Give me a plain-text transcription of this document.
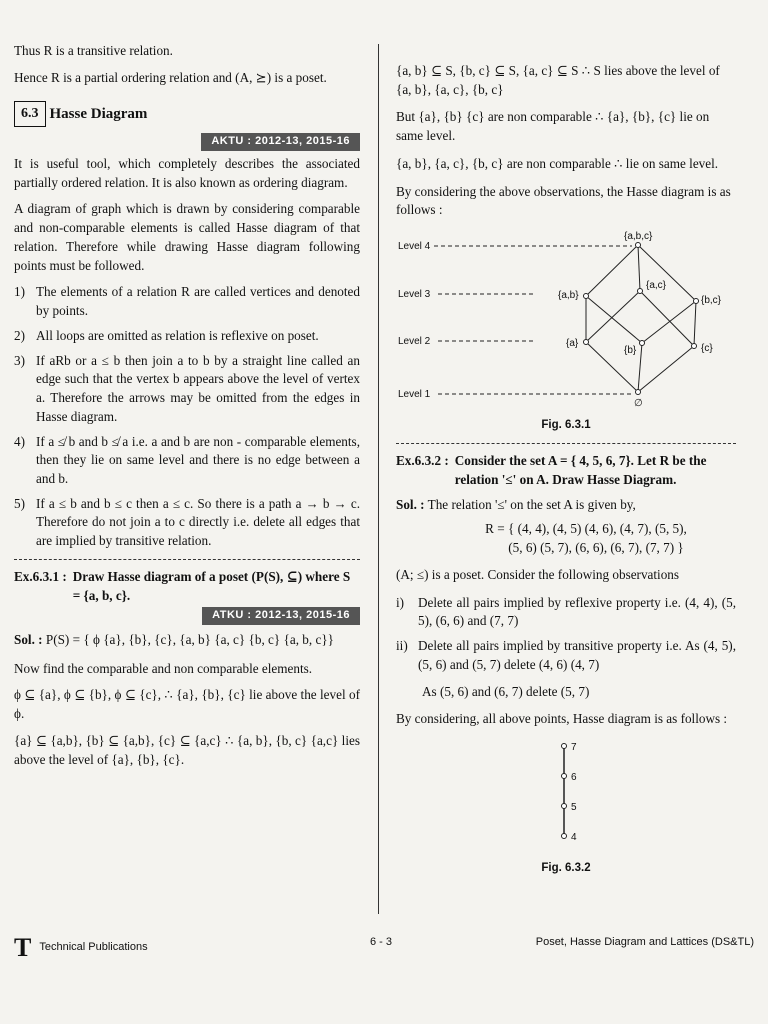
Thus R is a transitive relation.

Hence R is a partial ordering relation and (A, ⪰) is a poset.

6.3 Hasse Diagram
AKTU : 2012-13, 2015-16

It is useful tool, which completely describes the associated partially ordered relation. It is also known as ordering diagram.

A diagram of graph which is drawn by considering comparable and non-comparable elements is called Hasse diagram of that relation. Therefore while drawing Hasse diagram following points must be followed.

1) The elements of a relation R are called vertices and denoted by points.
2) All loops are omitted as relation is reflexive on poset.
3) If aRb or a ≤ b then join a to b by a straight line called an edge such that the vertex b appears above the level of vertex a. Therefore the arrows may be omitted from the edges in Hasse diagram.
4) If a ≰ b and b ≰ a i.e. a and b are non - comparable elements, then they lie on same level and there is no edge between a and b.
5) If a ≤ b and b ≤ c then a ≤ c. So there is a path a → b → c. Therefore do not join a to c directly i.e. delete all edges that are implied by transitive relation.
Ex.6.3.1 : Draw Hasse diagram of a poset (P(S), ⊆) where S = {a, b, c}.
ATKU : 2012-13, 2015-16

Sol. : P(S) = { ϕ {a}, {b}, {c}, {a, b} {a, c} {b, c} {a, b, c}}

Now find the comparable and non comparable elements.

ϕ ⊆ {a}, ϕ ⊆ {b}, ϕ ⊆ {c}, ∴ {a}, {b}, {c} lie above the level of ϕ.

{a} ⊆ {a,b}, {b} ⊆ {a,b}, {c} ⊆ {a,c} ∴ {a, b}, {b, c} {a,c} lies above the level of {a}, {b}, {c}.

{a, b} ⊆ S, {b, c} ⊆ S, {a, c} ⊆ S ∴ S lies above the level of {a, b}, {a, c}, {b, c}

But {a}, {b} {c} are non comparable ∴ {a}, {b}, {c} lie on same level.

{a, b}, {a, c}, {b, c} are non comparable ∴ lie on same level.

By considering the above observations, the Hasse diagram is as follows :

Level 4
Level 3
Level 2
Level 1
{a,b,c}
{a,b}
{a,c}
{b,c}
{a}
{b}	{c}
∅
Fig. 6.3.1
Ex.6.3.2 : Consider the set A = { 4, 5, 6, 7}. Let R be the relation '≤' on A. Draw Hasse Diagram.

Sol. : The relation '≤' on the set A is given by,

R = { (4, 4), (4, 5) (4, 6), (4, 7), (5, 5),

(5, 6) (5, 7), (6, 6), (6, 7), (7, 7) }

(A; ≤) is a poset. Consider the following observations

i)	Delete all pairs implied by reflexive property i.e. (4, 4), (5, 5), (6, 6) and (7, 7)
ii) Delete all pairs implied by transitive property i.e. As (4, 5), (5, 6) and (5, 7) delete (4, 6) (4, 7)

As (5, 6) and (6, 7) delete (5, 7)

By considering, all above points, Hasse diagram is as follows :

7
6
5
4
Fig. 6.3.2
T Technical Publications	6 - 3	Poset, Hasse Diagram and Lattices (DS&TL)
